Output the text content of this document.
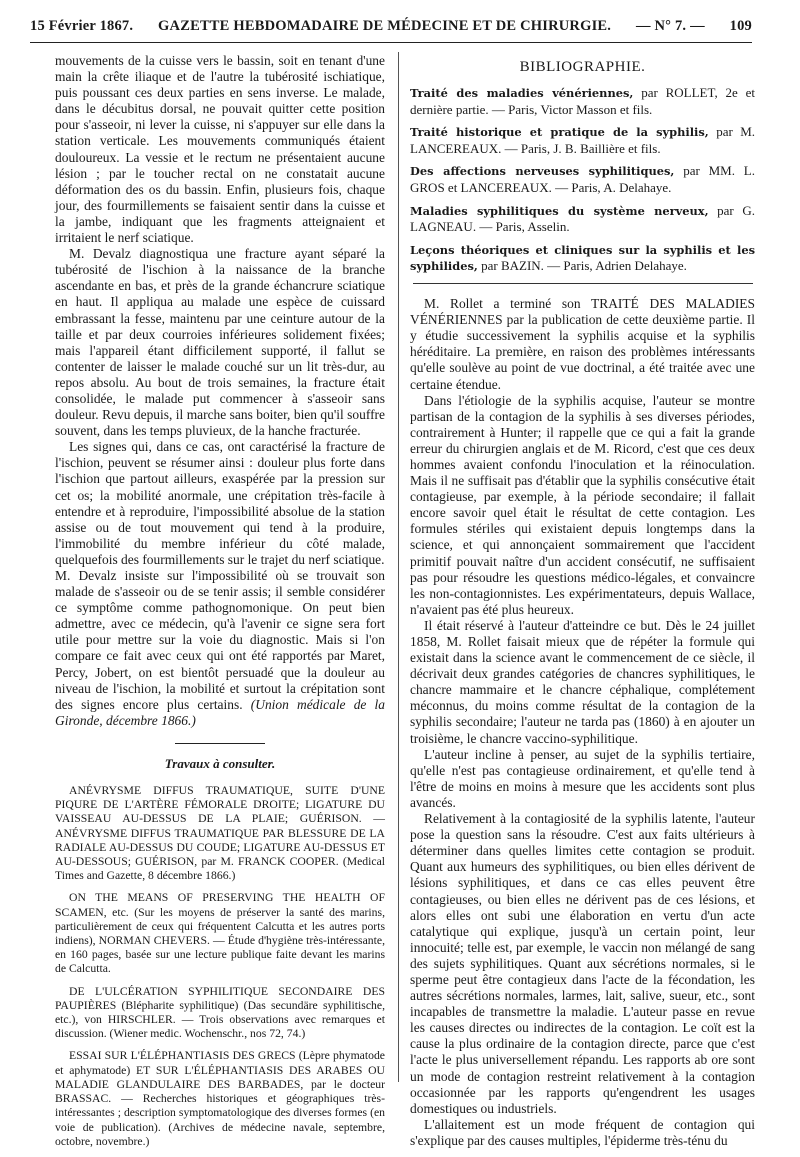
15 Février 1867. GAZETTE HEBDOMADAIRE DE MÉDECINE ET DE CHIRURGIE. — N° 7. — 109

mouvements de la cuisse vers le bassin, soit en tenant d'une main la crête iliaque et de l'autre la tubérosité ischiatique, puis poussant ces deux parties en sens inverse. Le malade, dans le décubitus dorsal, ne pouvait quitter cette position pour s'asseoir, ni lever la cuisse, ni s'appuyer sur elle dans la station verticale. Les mouvements communiqués étaient douloureux. La vessie et le rectum ne présentaient aucune lésion ; par le toucher rectal on ne constatait aucune déformation des os du bassin. Enfin, plusieurs fois, chaque jour, des fourmillements se faisaient sentir dans la cuisse et la jambe, indiquant que les fragments atteignaient et irritaient le nerf sciatique.

M. Devalz diagnostiqua une fracture ayant séparé la tubérosité de l'ischion à la naissance de la branche ascendante en bas, et près de la grande échancrure sciatique en haut. Il appliqua au malade une espèce de cuissard embrassant la fesse, maintenu par une ceinture autour de la taille et par deux courroies inférieures solidement fixées; mais l'appareil étant difficilement supporté, il fallut se contenter de laisser le malade couché sur un lit très-dur, au repos absolu. Au bout de trois semaines, la fracture était consolidée, le malade put commencer à s'asseoir sans douleur. Revu depuis, il marche sans boiter, bien qu'il souffre souvent, dans les temps pluvieux, de la hanche fracturée.

Les signes qui, dans ce cas, ont caractérisé la fracture de l'ischion, peuvent se résumer ainsi : douleur plus forte dans l'ischion que partout ailleurs, exaspérée par la pression sur cet os; la mobilité anormale, une crépitation très-facile à entendre et à reproduire, l'impossibilité absolue de la station assise ou de tout mouvement qui tend à la produire, l'immobilité du membre inférieur du côté malade, quelquefois des fourmillements sur le trajet du nerf sciatique.

M. Devalz insiste sur l'impossibilité où se trouvait son malade de s'asseoir ou de se tenir assis; il semble considérer ce symptôme comme pathognomonique. On peut bien admettre, avec ce médecin, qu'à l'avenir ce signe sera fort utile pour mettre sur la voie du diagnostic. Mais si l'on compare ce fait avec ceux qui ont été rapportés par Maret, Percy, Jobert, on est bientôt persuadé que la douleur au niveau de l'ischion, la mobilité et surtout la crépitation sont des signes encore plus certains. (Union médicale de la Gironde, décembre 1866.)

Travaux à consulter.

ANÉVRYSME DIFFUS TRAUMATIQUE, SUITE D'UNE PIQURE DE L'ARTÈRE FÉMORALE DROITE; LIGATURE DU VAISSEAU AU-DESSUS DE LA PLAIE; GUÉRISON. — ANÉVRYSME DIFFUS TRAUMATIQUE PAR BLESSURE DE LA RADIALE AU-DESSUS DU COUDE; LIGATURE AU-DESSUS ET AU-DESSOUS; GUÉRISON, par M. FRANCK COOPER. (Medical Times and Gazette, 8 décembre 1866.)

ON THE MEANS OF PRESERVING THE HEALTH OF SCAMEN, etc. (Sur les moyens de préserver la santé des marins, particulièrement de ceux qui fréquentent Calcutta et les autres ports indiens), NORMAN CHEVERS. — Étude d'hygiène très-intéressante, en 160 pages, basée sur une lecture publique faite devant les marins de Calcutta.

DE L'ULCÉRATION SYPHILITIQUE SECONDAIRE DES PAUPIÈRES (Blépharite syphilitique) (Das secundäre syphilitische, etc.), von HIRSCHLER. — Trois observations avec remarques et discussion. (Wiener medic. Wochenschr., nos 72, 74.)

ESSAI SUR L'ÉLÉPHANTIASIS DES GRECS (Lèpre phymatode et aphymatode) ET SUR L'ÉLÉPHANTIASIS DES ARABES OU MALADIE GLANDULAIRE DES BARBADES, par le docteur BRASSAC. — Recherches historiques et géographiques très-intéressantes ; description symptomatologique des diverses formes (en voie de publication). (Archives de médecine navale, septembre, octobre, novembre.)

BIBLIOGRAPHIE.

Traité des maladies vénériennes, par ROLLET, 2e et dernière partie. — Paris, Victor Masson et fils.

Traité historique et pratique de la syphilis, par M. LANCEREAUX. — Paris, J. B. Baillière et fils.

Des affections nerveuses syphilitiques, par MM. L. GROS et LANCEREAUX. — Paris, A. Delahaye.

Maladies syphilitiques du système nerveux, par G. LAGNEAU. — Paris, Asselin.

Leçons théoriques et cliniques sur la syphilis et les syphilides, par BAZIN. — Paris, Adrien Delahaye.

M. Rollet a terminé son TRAITÉ DES MALADIES VÉNÉRIENNES par la publication de cette deuxième partie. Il y étudie successivement la syphilis acquise et la syphilis héréditaire. La première, en raison des problèmes intéressants qu'elle soulève au point de vue doctrinal, a été traitée avec une certaine étendue.

Dans l'étiologie de la syphilis acquise, l'auteur se montre partisan de la contagion de la syphilis à ses diverses périodes, contrairement à Hunter; il rappelle que ce qui a fait la grande erreur du chirurgien anglais et de M. Ricord, c'est que ces deux hommes avaient confondu l'inoculation et la réinoculation. Mais il ne suffisait pas d'établir que la syphilis consécutive était contagieuse, par exemple, à la période secondaire; il fallait encore savoir quel était le résultat de cette contagion. Les formules stériles qui existaient depuis longtemps dans la science, et qui annonçaient sommairement que l'accident primitif pouvait naître d'un accident consécutif, ne suffisaient pas pour résoudre les questions médico-légales, et convaincre les non-contagionnistes. Les expérimentateurs, depuis Wallace, n'avaient pas été plus heureux.

Il était réservé à l'auteur d'atteindre ce but. Dès le 24 juillet 1858, M. Rollet faisait mieux que de répéter la formule qui existait dans la science avant le commencement de ce siècle, il décrivait deux grandes catégories de chancres syphilitiques, le chancre mammaire et le chancre céphalique, complétement méconnus, du moins comme résultat de la contagion de la syphilis secondaire; l'auteur ne tarda pas (1860) à en ajouter un troisième, le chancre vaccino-syphilitique.

L'auteur incline à penser, au sujet de la syphilis tertiaire, qu'elle n'est pas contagieuse ordinairement, et qu'elle tend à l'être de moins en moins à mesure que les accidents sont plus avancés.

Relativement à la contagiosité de la syphilis latente, l'auteur pose la question sans la résoudre. C'est aux faits ultérieurs à déterminer dans quelles limites cette contagion se produit. Quant aux humeurs des syphilitiques, ou bien elles dérivent de lésions syphilitiques, et dans ce cas elles peuvent être contagieuses, ou bien elles ne dérivent pas de ces lésions, et alors elles ont subi une élaboration en vertu d'un acte catalytique qui explique, jusqu'à un certain point, leur innocuité; telle est, par exemple, le vaccin non mélangé de sang des sujets syphilitiques. Quant aux sécrétions normales, si le sperme peut être contagieux dans l'acte de la fécondation, les autres sécrétions normales, larmes, lait, salive, sueur, etc., sont incapables de transmettre la maladie. L'auteur passe en revue les causes directes ou indirectes de la contagion. Le coït est la cause la plus ordinaire de la contagion directe, parce que c'est l'acte le plus universellement répandu. Les rapports ab ore sont un mode de contagion restreint relativement à la contagion occasionnée par les rapports qu'engendrent les usages domestiques ou industriels.

L'allaitement est un mode fréquent de contagion qui s'explique par des causes multiples, l'épiderme très-ténu du
